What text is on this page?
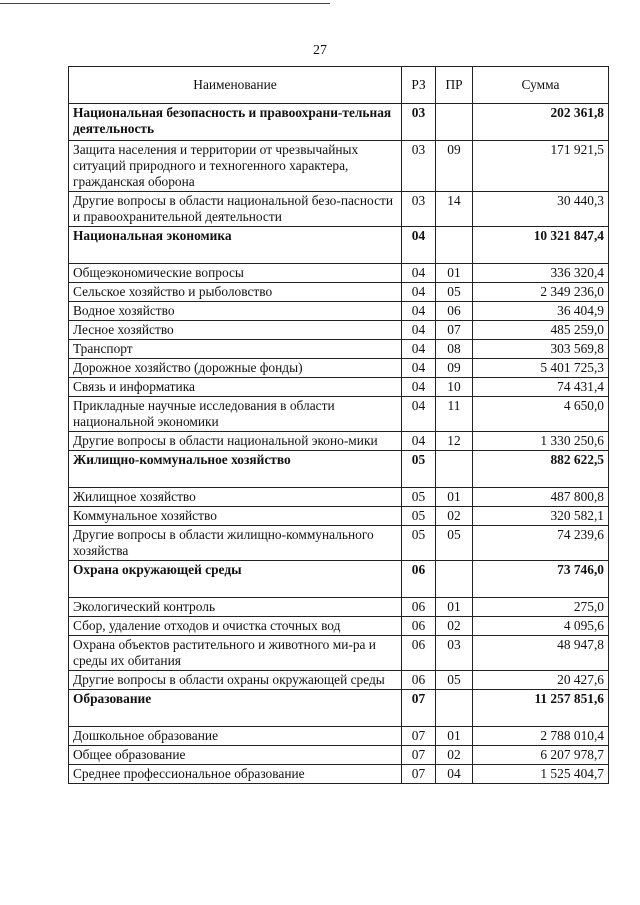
27
Наименование	РЗ	ПР	Сумма
Национальная безопасность и правоохрани-тельная деятельность	03		202 361,8
Защита населения и территории от чрезвычайных ситуаций природного и техногенного характера, гражданская оборона	03	09	171 921,5
Другие вопросы в области национальной безо-пасности и правоохранительной деятельности	03	14	30 440,3
Национальная экономика	04		10 321 847,4
Общеэкономические вопросы	04	01	336 320,4
Сельское хозяйство и рыболовство	04	05	2 349 236,0
Водное хозяйство	04	06	36 404,9
Лесное хозяйство	04	07	485 259,0
Транспорт	04	08	303 569,8
Дорожное хозяйство (дорожные фонды)	04	09	5 401 725,3
Связь и информатика	04	10	74 431,4
Прикладные научные исследования в области национальной экономики	04	11	4 650,0
Другие вопросы в области национальной эконо-мики	04	12	1 330 250,6
Жилищно-коммунальное хозяйство	05		882 622,5
Жилищное хозяйство	05	01	487 800,8
Коммунальное хозяйство	05	02	320 582,1
Другие вопросы в области жилищно-коммунального хозяйства	05	05	74 239,6
Охрана окружающей среды	06		73 746,0
Экологический контроль	06	01	275,0
Сбор, удаление отходов и очистка сточных вод	06	02	4 095,6
Охрана объектов растительного и животного ми-ра и среды их обитания	06	03	48 947,8
Другие вопросы в области охраны окружающей среды	06	05	20 427,6
Образование	07		11 257 851,6
Дошкольное образование	07	01	2 788 010,4
Общее образование	07	02	6 207 978,7
Среднее профессиональное образование	07	04	1 525 404,7
